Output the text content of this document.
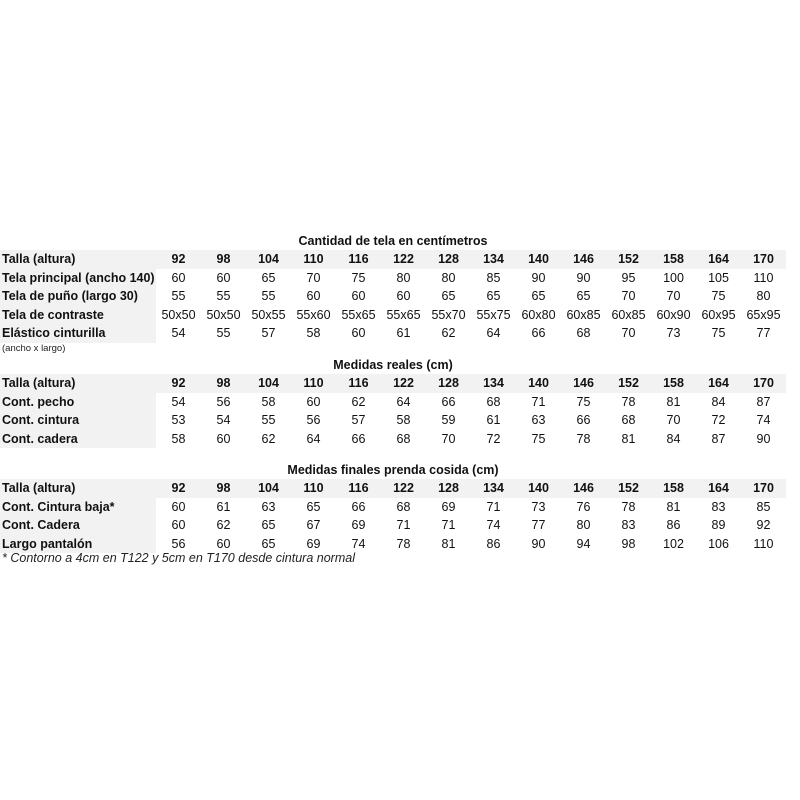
Cantidad de tela en centímetros
Talla (altura)	92	98	104	110	116	122	128	134	140	146	152	158	164	170
Tela principal (ancho 140)	60	60	65	70	75	80	80	85	90	90	95	100	105	110
Tela de puño (largo 30)	55	55	55	60	60	60	65	65	65	65	70	70	75	80
Tela de contraste	50x50	50x50	50x55	55x60	55x65	55x65	55x70	55x75	60x80	60x85	60x85	60x90	60x95	65x95
Elástico cinturilla	54	55	57	58	60	61	62	64	66	68	70	73	75	77
(ancho x largo)
Medidas reales (cm)
Talla (altura)	92	98	104	110	116	122	128	134	140	146	152	158	164	170
Cont. pecho	54	56	58	60	62	64	66	68	71	75	78	81	84	87
Cont. cintura	53	54	55	56	57	58	59	61	63	66	68	70	72	74
Cont. cadera	58	60	62	64	66	68	70	72	75	78	81	84	87	90
Medidas finales prenda cosida (cm)
Talla (altura)	92	98	104	110	116	122	128	134	140	146	152	158	164	170
Cont. Cintura baja*	60	61	63	65	66	68	69	71	73	76	78	81	83	85
Cont. Cadera	60	62	65	67	69	71	71	74	77	80	83	86	89	92
Largo pantalón	56	60	65	69	74	78	81	86	90	94	98	102	106	110
* Contorno a 4cm en T122 y 5cm en T170 desde cintura normal
